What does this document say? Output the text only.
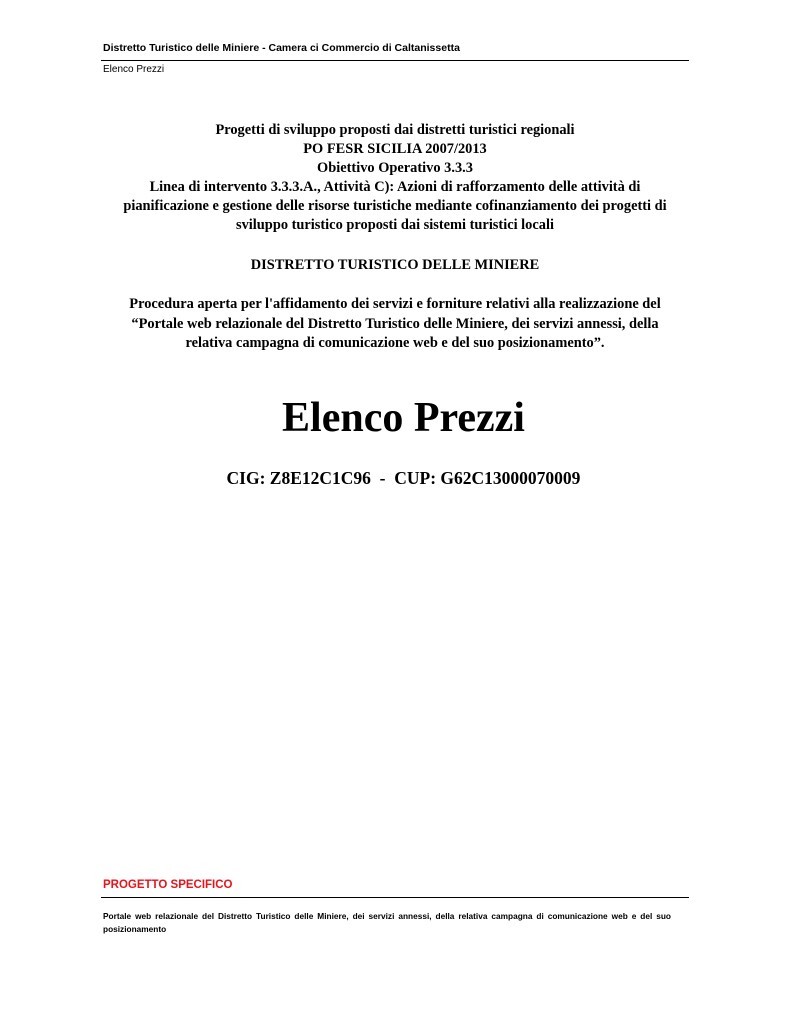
Distretto Turistico delle Miniere - Camera ci Commercio di Caltanissetta
Elenco Prezzi
Progetti di sviluppo proposti dai distretti turistici regionali
PO FESR SICILIA 2007/2013
Obiettivo Operativo 3.3.3
Linea di intervento 3.3.3.A., Attività C): Azioni di rafforzamento delle attività di
pianificazione e gestione delle risorse turistiche mediante cofinanziamento dei progetti di
sviluppo turistico proposti dai sistemi turistici locali
DISTRETTO TURISTICO DELLE MINIERE
Procedura aperta per l'affidamento dei servizi e forniture relativi alla realizzazione del
“Portale web relazionale del Distretto Turistico delle Miniere, dei servizi annessi, della
relativa campagna di comunicazione web e del suo posizionamento”.
Elenco Prezzi
CIG: Z8E12C1C96  -  CUP: G62C13000070009
PROGETTO SPECIFICO
Portale web relazionale del Distretto Turistico delle Miniere, dei servizi annessi, della relativa campagna di comunicazione web e del suo posizionamento
